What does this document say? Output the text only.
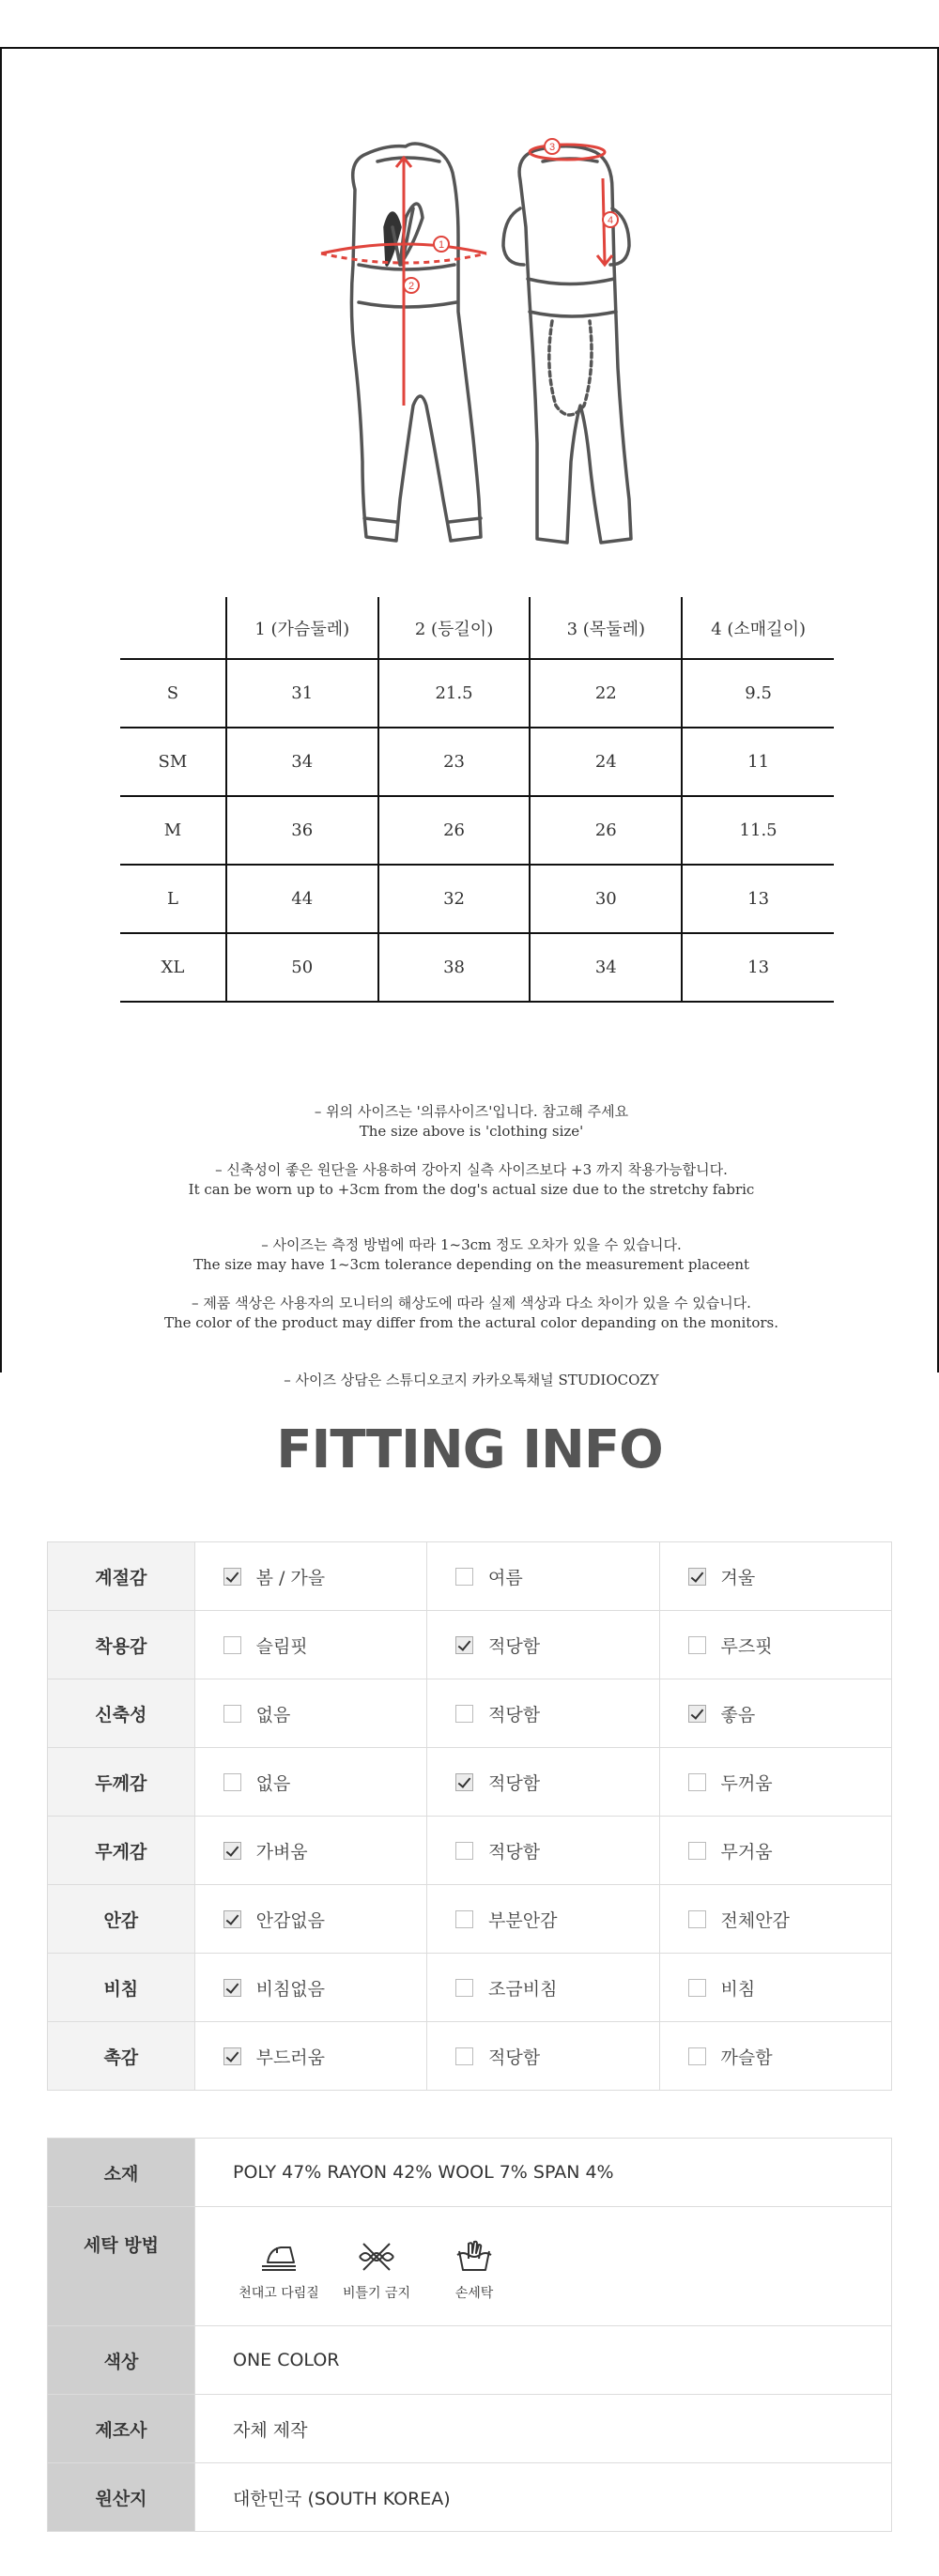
1
2
3
4
	1 (가슴둘레)	2 (등길이)	3 (목둘레)	4 (소매길이)
S	31	21.5	22	9.5
SM	34	23	24	11
M	36	26	26	11.5
L	44	32	30	13
XL	50	38	34	13
– 위의 사이즈는 '의류사이즈'입니다. 참고해 주세요
The size above is 'clothing size'
– 신축성이 좋은 원단을 사용하여 강아지 실측 사이즈보다 +3 까지 착용가능합니다.
It can be worn up to +3cm from the dog's actual size due to the stretchy fabric
– 사이즈는 측정 방법에 따라 1~3cm 정도 오차가 있을 수 있습니다.
The size may have 1~3cm tolerance depending on the measurement placeent
– 제품 색상은 사용자의 모니터의 해상도에 따라 실제 색상과 다소 차이가 있을 수 있습니다.
The color of the product may differ from the actural color depanding on the monitors.
– 사이즈 상담은 스튜디오코지 카카오톡채널 STUDIOCOZY
FITTING INFO
계절감	봄 / 가을	여름	겨울
착용감	슬림핏	적당함	루즈핏
신축성	없음	적당함	좋음
두께감	없음	적당함	두꺼움
무게감	가벼움	적당함	무거움
안감	안감없음	부분안감	전체안감
비침	비침없음	조금비침	비침
촉감	부드러움	적당함	까슬함
소재	POLY 47% RAYON 42% WOOL 7% SPAN 4%
세탁 방법	천대고 다림질 비틀기 금지 손세탁

색상	ONE COLOR
제조사	자체 제작
원산지	대한민국 (SOUTH KOREA)
